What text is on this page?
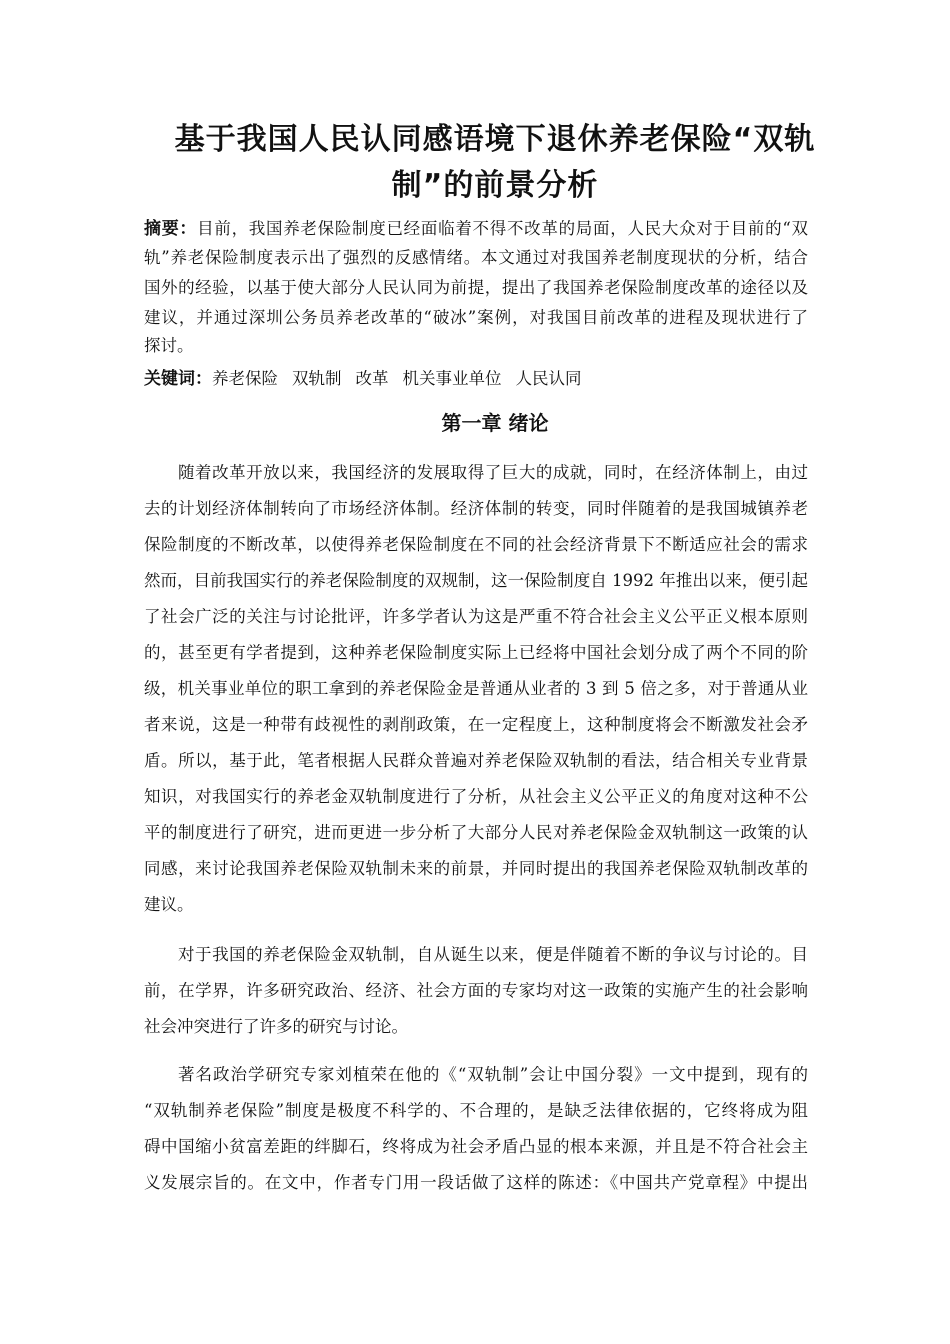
基于我国人民认同感语境下退休养老保险“双轨
制”的前景分析
摘要：目前，我国养老保险制度已经面临着不得不改革的局面，人民大众对于目前的“双
轨”养老保险制度表示出了强烈的反感情绪。本文通过对我国养老制度现状的分析，结合
国外的经验，以基于使大部分人民认同为前提，提出了我国养老保险制度改革的途径以及
建议，并通过深圳公务员养老改革的“破冰”案例，对我国目前改革的进程及现状进行了
探讨。
关键词：养老保险 双轨制 改革 机关事业单位 人民认同
第一章 绪论
随着改革开放以来，我国经济的发展取得了巨大的成就，同时，在经济体制上，由过
去的计划经济体制转向了市场经济体制。经济体制的转变，同时伴随着的是我国城镇养老
保险制度的不断改革，以使得养老保险制度在不同的社会经济背景下不断适应社会的需求
然而，目前我国实行的养老保险制度的双规制，这一保险制度自 1992 年推出以来，便引起
了社会广泛的关注与讨论批评，许多学者认为这是严重不符合社会主义公平正义根本原则
的，甚至更有学者提到，这种养老保险制度实际上已经将中国社会划分成了两个不同的阶
级，机关事业单位的职工拿到的养老保险金是普通从业者的 3 到 5 倍之多，对于普通从业
者来说，这是一种带有歧视性的剥削政策，在一定程度上，这种制度将会不断激发社会矛
盾。所以，基于此，笔者根据人民群众普遍对养老保险双轨制的看法，结合相关专业背景
知识，对我国实行的养老金双轨制度进行了分析，从社会主义公平正义的角度对这种不公
平的制度进行了研究，进而更进一步分析了大部分人民对养老保险金双轨制这一政策的认
同感，来讨论我国养老保险双轨制未来的前景，并同时提出的我国养老保险双轨制改革的
建议。
对于我国的养老保险金双轨制，自从诞生以来，便是伴随着不断的争议与讨论的。目
前，在学界，许多研究政治、经济、社会方面的专家均对这一政策的实施产生的社会影响
社会冲突进行了许多的研究与讨论。
著名政治学研究专家刘植荣在他的《“双轨制”会让中国分裂》一文中提到，现有的
“双轨制养老保险”制度是极度不科学的、不合理的，是缺乏法律依据的，它终将成为阻
碍中国缩小贫富差距的绊脚石，终将成为社会矛盾凸显的根本来源，并且是不符合社会主
义发展宗旨的。在文中，作者专门用一段话做了这样的陈述：《中国共产党章程》中提出
